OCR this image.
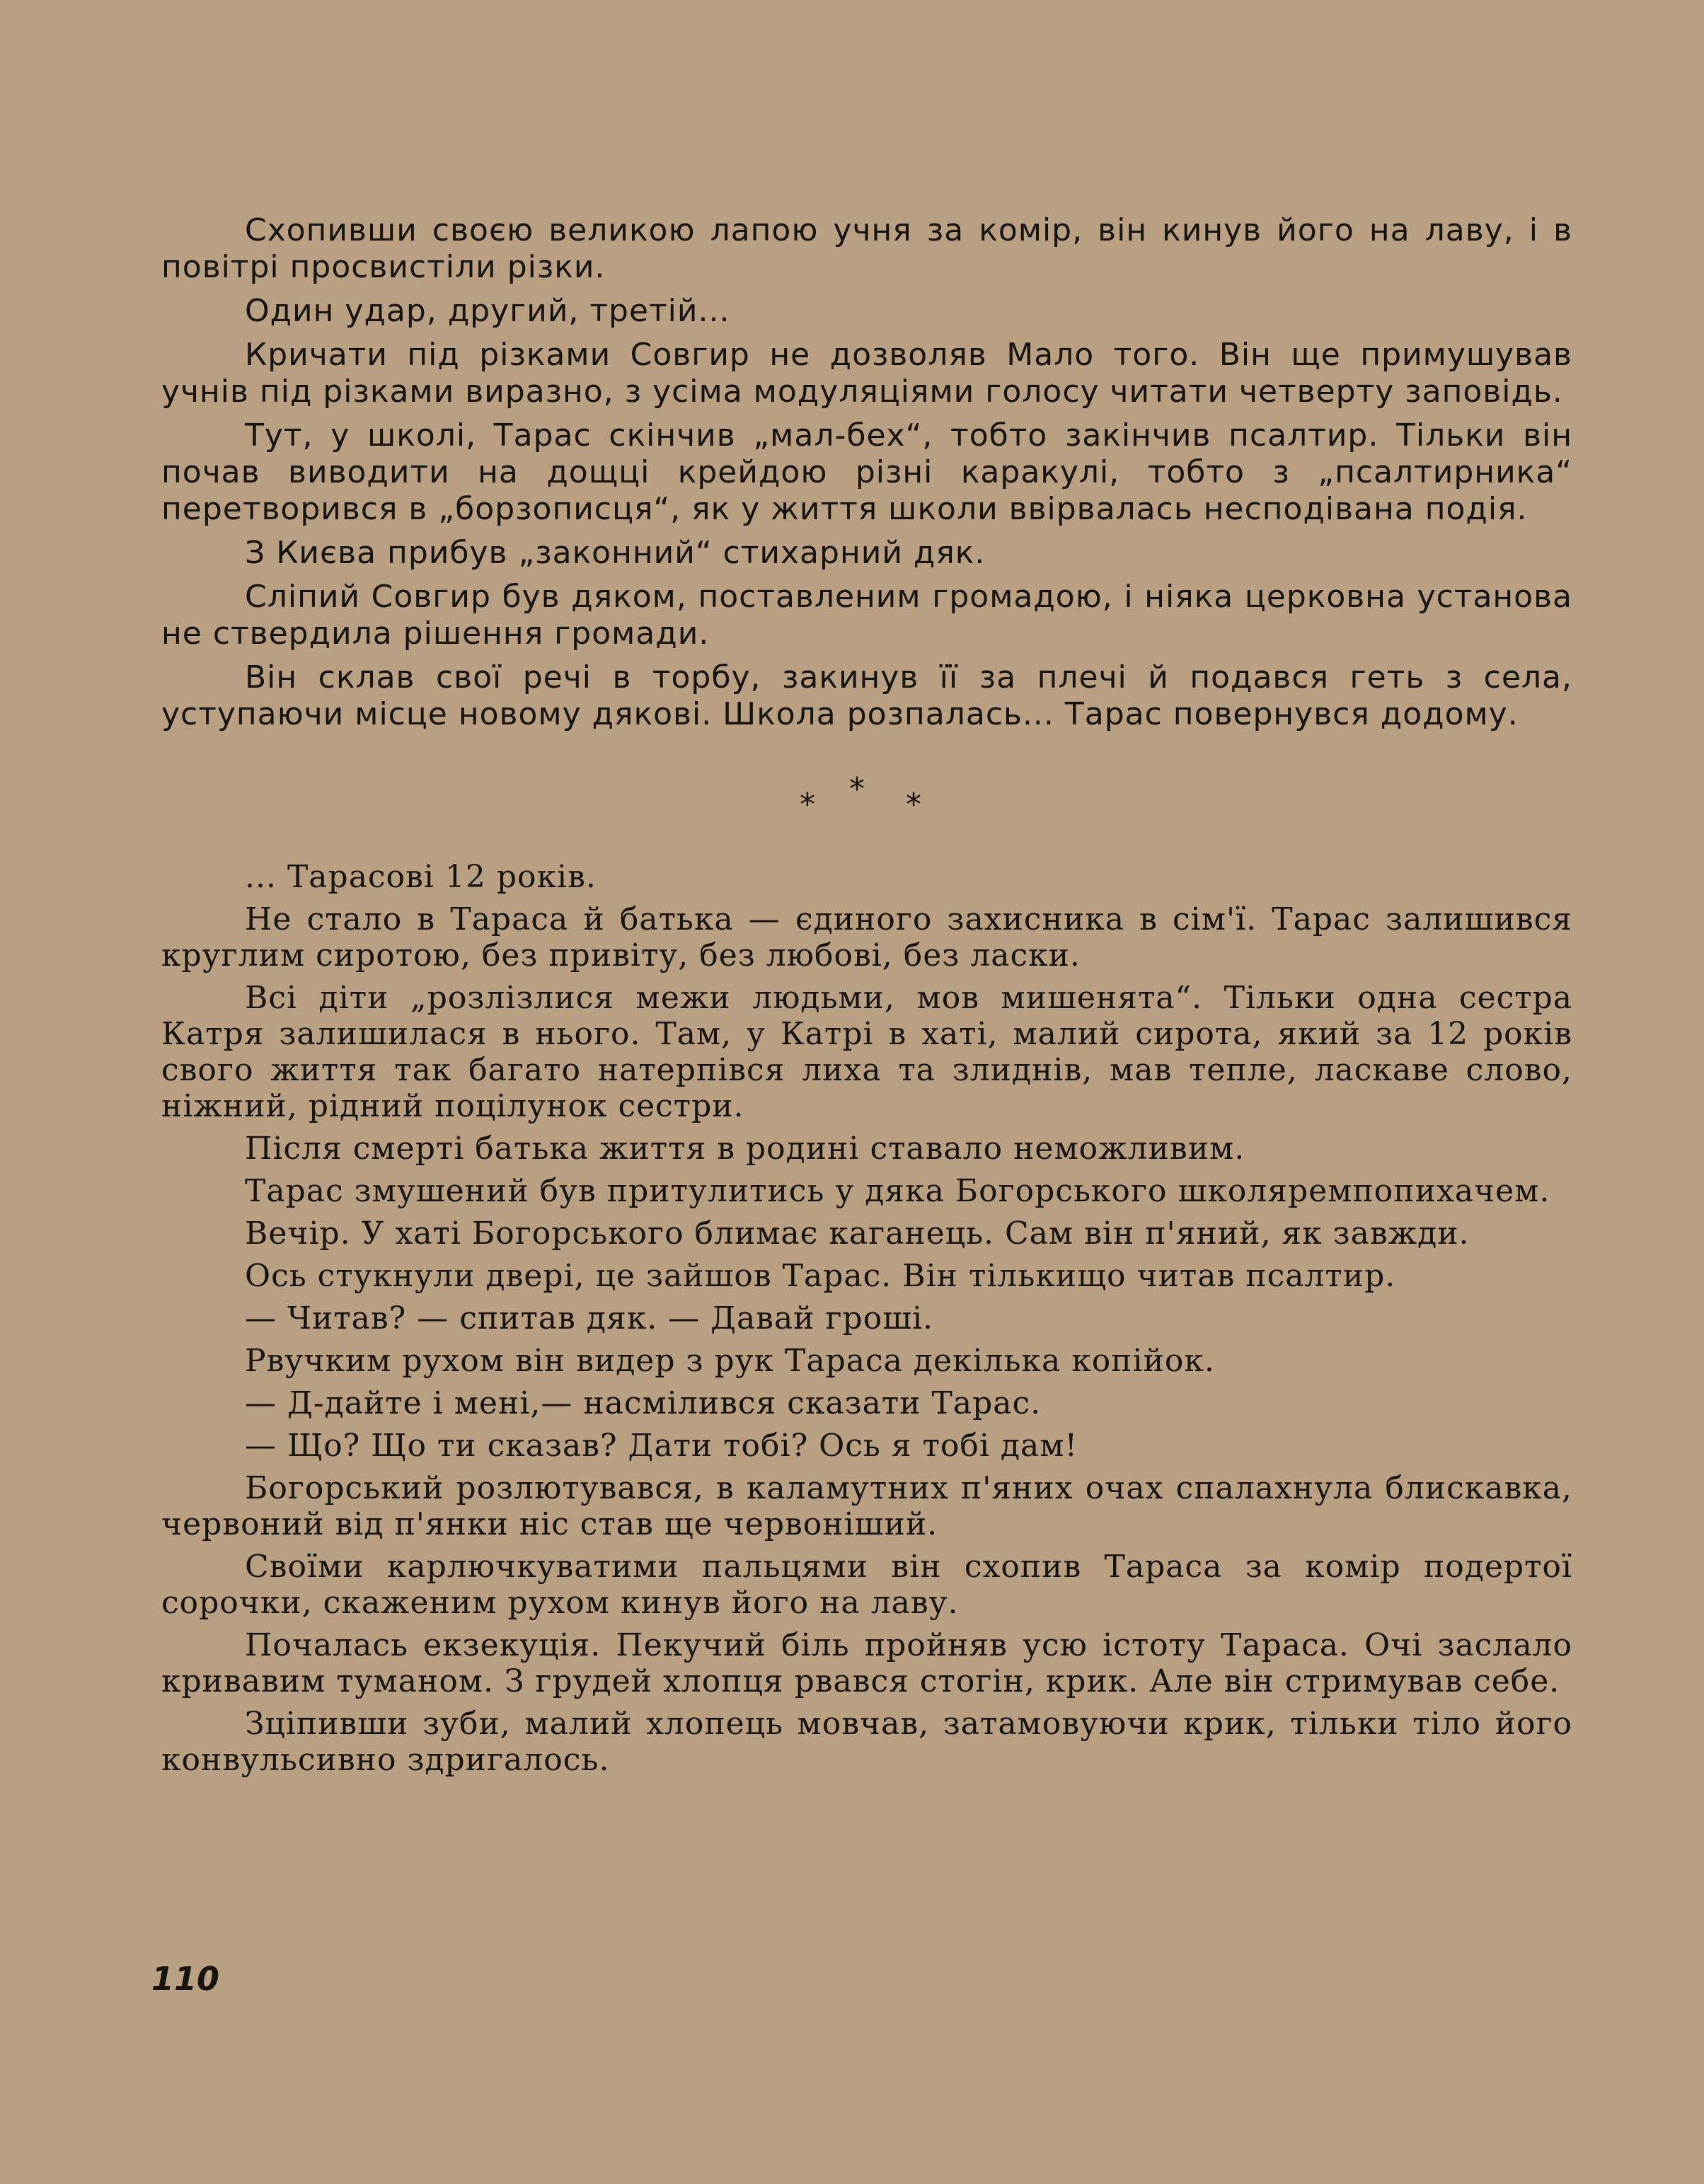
Схопивши своєю великою лапою учня за комір, він кинув його на лаву, і в повітрі просвистіли різки.

Один удар, другий, третій...

Кричати під різками Совгир не дозволяв Мало того. Він ще примушував учнів під різками виразно, з усіма модуляціями голосу читати четверту заповідь.

Тут, у школі, Тарас скінчив „мал-бех“, тобто закінчив псалтир. Тільки він почав виводити на дощці крейдою різні каракулі, тобто з „псалтирника“ перетворився в „борзописця“, як у життя школи ввірвалась несподівана подія.

З Києва прибув „законний“ стихарний дяк.

Сліпий Совгир був дяком, поставленим громадою, і ніяка церковна установа не ствердила рішення громади.

Він склав свої речі в торбу, закинув її за плечі й подався геть з села, уступаючи місце новому дякові. Школа розпалась... Тарас повернувся додому.

*
*	*

... Тарасові 12 років.

Не стало в Тараса й батька — єдиного захисника в сім'ї. Тарас залишився круглим сиротою, без привіту, без любові, без ласки.

Всі діти „розлізлися межи людьми, мов мишенята“. Тільки одна сестра Катря залишилася в нього. Там, у Катрі в хаті, малий сирота, який за 12 років свого життя так багато натерпівся лиха та злиднів, мав тепле, ласкаве слово, ніжний, рідний поцілунок сестри.

Після смерті батька життя в родині ставало неможливим.

Тарас змушений був притулитись у дяка Богорського школяремпопихачем.

Вечір. У хаті Богорського блимає каганець. Сам він п'яний, як завжди.

Ось стукнули двері, це зайшов Тарас. Він тількищо читав псалтир.

— Читав? — спитав дяк. — Давай гроші.

Рвучким рухом він видер з рук Тараса декілька копійок.

— Д-дайте і мені,— насмілився сказати Тарас.

— Що? Що ти сказав? Дати тобі? Ось я тобі дам!

Богорський розлютувався, в каламутних п'яних очах спалахнула блискавка, червоний від п'янки ніс став ще червоніший.

Своїми карлючкуватими пальцями він схопив Тараса за комір подертої сорочки, скаженим рухом кинув його на лаву.

Почалась екзекуція. Пекучий біль пройняв усю істоту Тараса. Очі заслало кривавим туманом. З грудей хлопця рвався стогін, крик. Але він стримував себе.

Зціпивши зуби, малий хлопець мовчав, затамовуючи крик, тільки тіло його конвульсивно здригалось.

110
